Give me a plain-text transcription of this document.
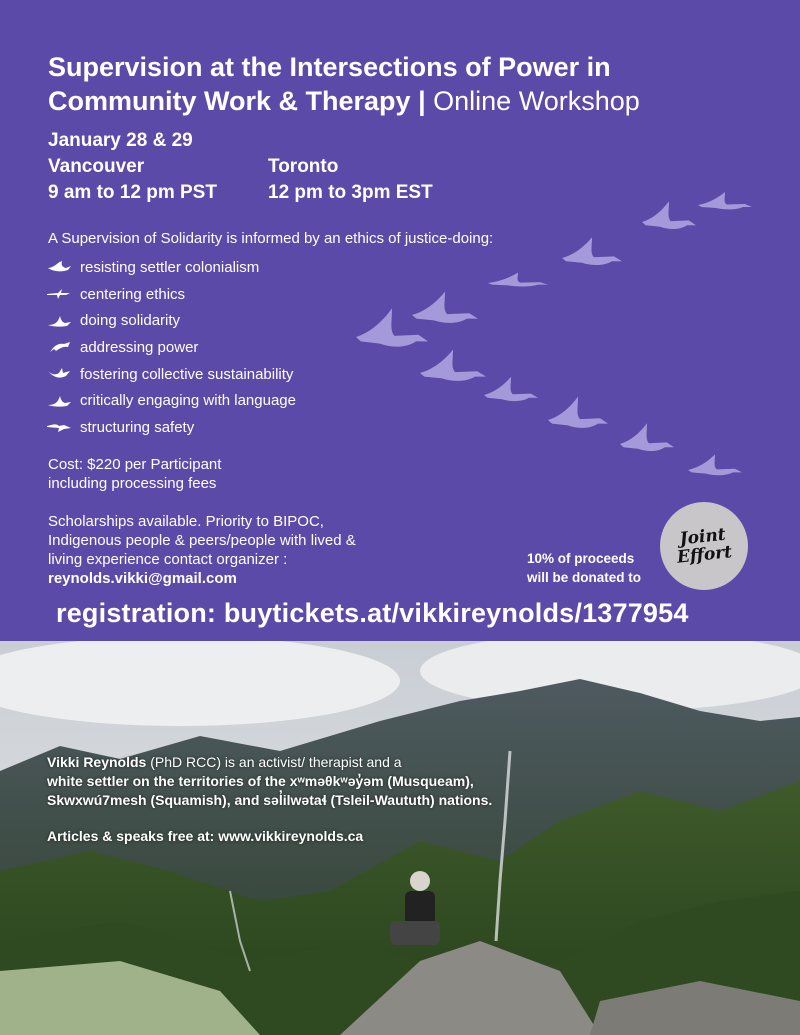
Supervision at the Intersections of Power in
Community Work & Therapy | Online Workshop
January 28 & 29
Vancouver
9 am to 12 pm PST
Toronto
12 pm to 3pm EST
A Supervision of Solidarity is informed by an ethics of justice-doing:
resisting settler colonialism
centering ethics
doing solidarity
addressing power
fostering collective sustainability
critically engaging with language
structuring safety
Cost: $220 per Participant
including processing fees
Scholarships available. Priority to BIPOC,
Indigenous people & peers/people with lived &
living experience contact organizer :
reynolds.vikki@gmail.com
10% of proceeds
will be donated to
Joint
Effort
registration: buytickets.at/vikkireynolds/1377954
Vikki Reynolds (PhD RCC) is an activist/ therapist and a
white settler on the territories of the xʷməθkʷəy̓əm (Musqueam),
Skwxwú7mesh (Squamish), and səl̓ilwətaɬ (Tsleil-Waututh) nations.
Articles & speaks free at: www.vikkireynolds.ca
